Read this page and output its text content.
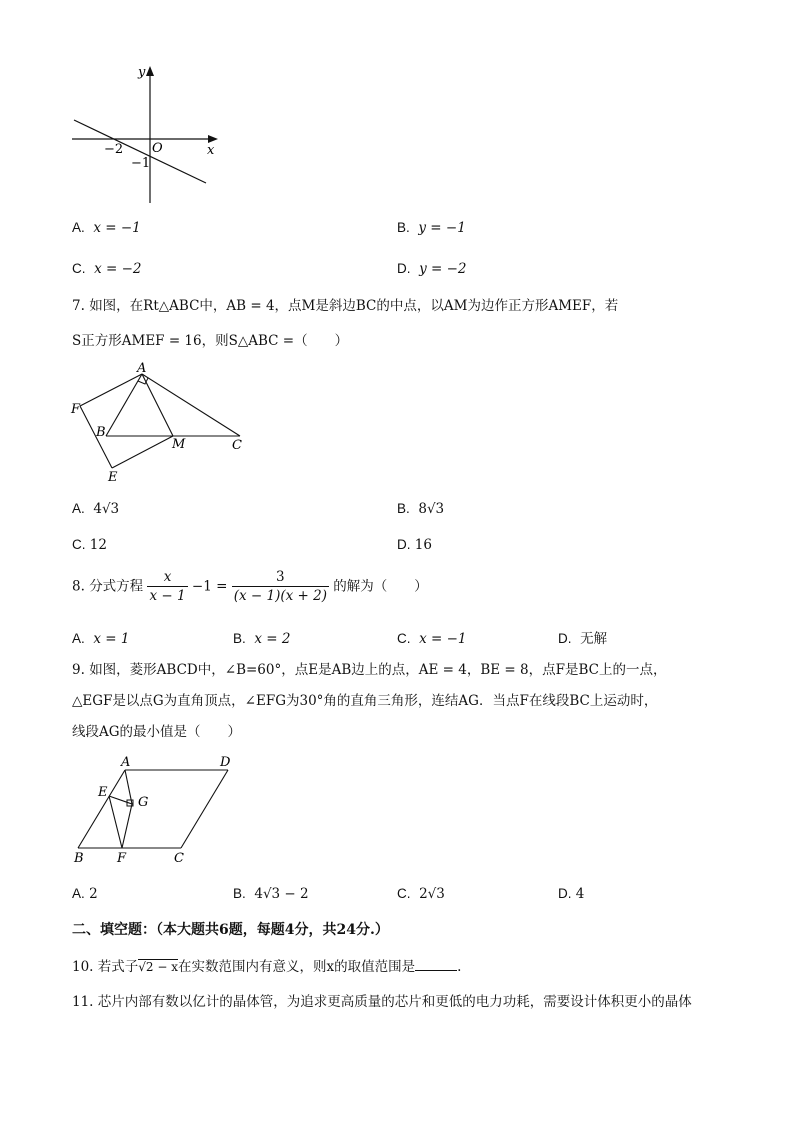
y
x
O
−2
−1
A. x = −1	B. y = −1
C. x = −2	D. y = −2
7. 如图，在Rt△ABC中，AB = 4，点M是斜边BC的中点，以AM为边作正方形AMEF，若
S正方形AMEF = 16，则S△ABC =（　　）
A
F
B
M	C
E
A. 4√3	B. 8√3
C. 12	D. 16
8. 分式方程 $\frac{x}{x - 1} -1 = \frac{3}{(x - 1)(x + 2)}$ 的解为（　　）
A. x = 1	B. x = 2	C. x = −1	D. 无解
9. 如图，菱形ABCD中，∠B=60°，点E是AB边上的点，AE = 4，BE = 8，点F是BC上的一点，
△EGF是以点G为直角顶点，∠EFG为30°角的直角三角形，连结AG．当点F在线段BC上运动时，
线段AG的最小值是（　　）
A	D
E
G
B	F	C
A. 2	B. 4√3 − 2	C. 2√3	D. 4
二、填空题：（本大题共6题，每题4分，共24分.）
10. 若式子√2 − x在实数范围内有意义，则x的取值范围是	.
11. 芯片内部有数以亿计的晶体管，为追求更高质量的芯片和更低的电力功耗，需要设计体积更小的晶体
